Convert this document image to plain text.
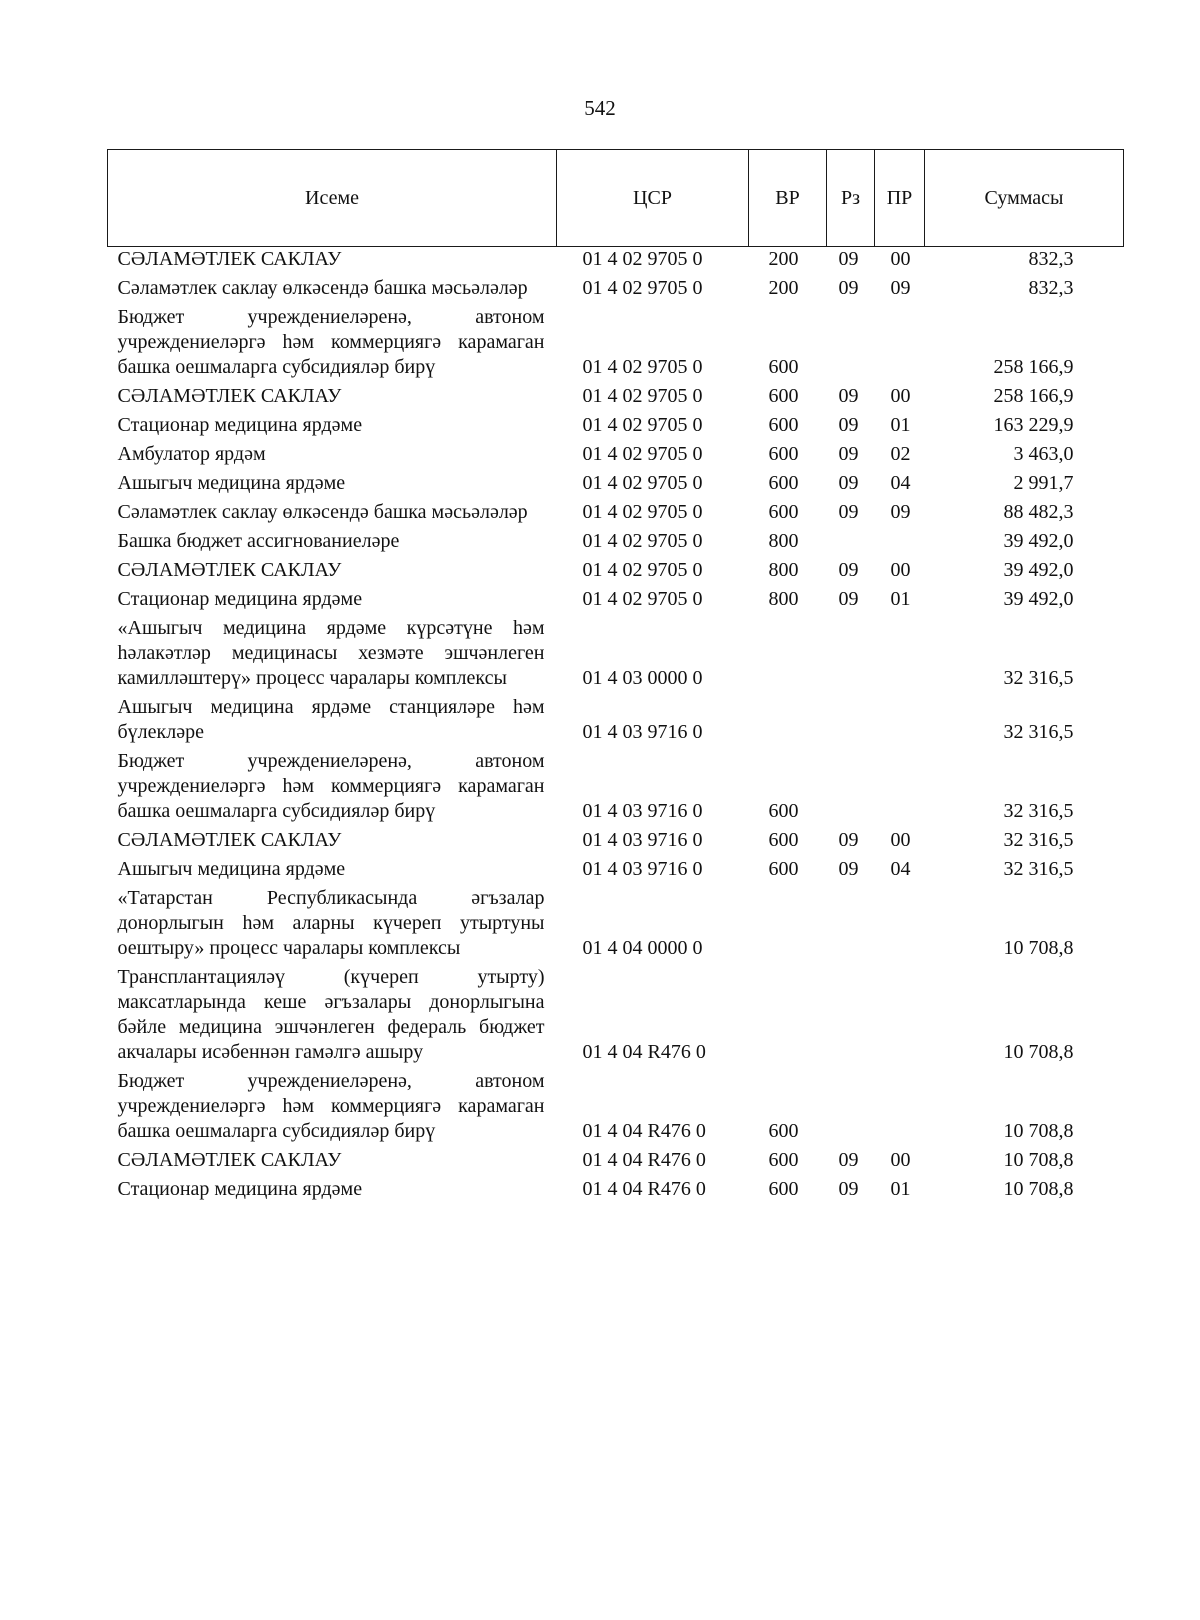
542
Исеме	ЦСР	ВР	Рз	ПР	Суммасы
СӘЛАМӘТЛЕК САКЛАУ	01 4 02 9705 0	200	09	00	832,3
Сәламәтлек саклау өлкәсендә башка мәсьәләләр	01 4 02 9705 0	200	09	09	832,3
Бюджет учреждениеләренә, автоном учреждениеләргә һәм коммерциягә карамаган башка оешмаларга субсидияләр бирү	01 4 02 9705 0	600			258 166,9
СӘЛАМӘТЛЕК САКЛАУ	01 4 02 9705 0	600	09	00	258 166,9
Стационар медицина ярдәме	01 4 02 9705 0	600	09	01	163 229,9
Амбулатор ярдәм	01 4 02 9705 0	600	09	02	3 463,0
Ашыгыч медицина ярдәме	01 4 02 9705 0	600	09	04	2 991,7
Сәламәтлек саклау өлкәсендә башка мәсьәләләр	01 4 02 9705 0	600	09	09	88 482,3
Башка бюджет ассигнованиеләре	01 4 02 9705 0	800			39 492,0
СӘЛАМӘТЛЕК САКЛАУ	01 4 02 9705 0	800	09	00	39 492,0
Стационар медицина ярдәме	01 4 02 9705 0	800	09	01	39 492,0
«Ашыгыч медицина ярдәме күрсәтүне һәм һәлакәтләр медицинасы хезмәте эшчәнлеген камилләштерү» процесс чаралары комплексы	01 4 03 0000 0				32 316,5
Ашыгыч медицина ярдәме станцияләре һәм бүлекләре	01 4 03 9716 0				32 316,5
Бюджет учреждениеләренә, автоном учреждениеләргә һәм коммерциягә карамаган башка оешмаларга субсидияләр бирү	01 4 03 9716 0	600			32 316,5
СӘЛАМӘТЛЕК САКЛАУ	01 4 03 9716 0	600	09	00	32 316,5
Ашыгыч медицина ярдәме	01 4 03 9716 0	600	09	04	32 316,5
«Татарстан Республикасында әгъзалар донорлыгын һәм аларны күчереп утыртуны оештыру» процесс чаралары комплексы	01 4 04 0000 0				10 708,8
Трансплантацияләү (күчереп утырту) максатларында кеше әгъзалары донорлыгына бәйле медицина эшчәнлеген федераль бюджет акчалары исәбеннән гамәлгә ашыру	01 4 04 R476 0				10 708,8
Бюджет учреждениеләренә, автоном учреждениеләргә һәм коммерциягә карамаган башка оешмаларга субсидияләр бирү	01 4 04 R476 0	600			10 708,8
СӘЛАМӘТЛЕК САКЛАУ	01 4 04 R476 0	600	09	00	10 708,8
Стационар медицина ярдәме	01 4 04 R476 0	600	09	01	10 708,8
